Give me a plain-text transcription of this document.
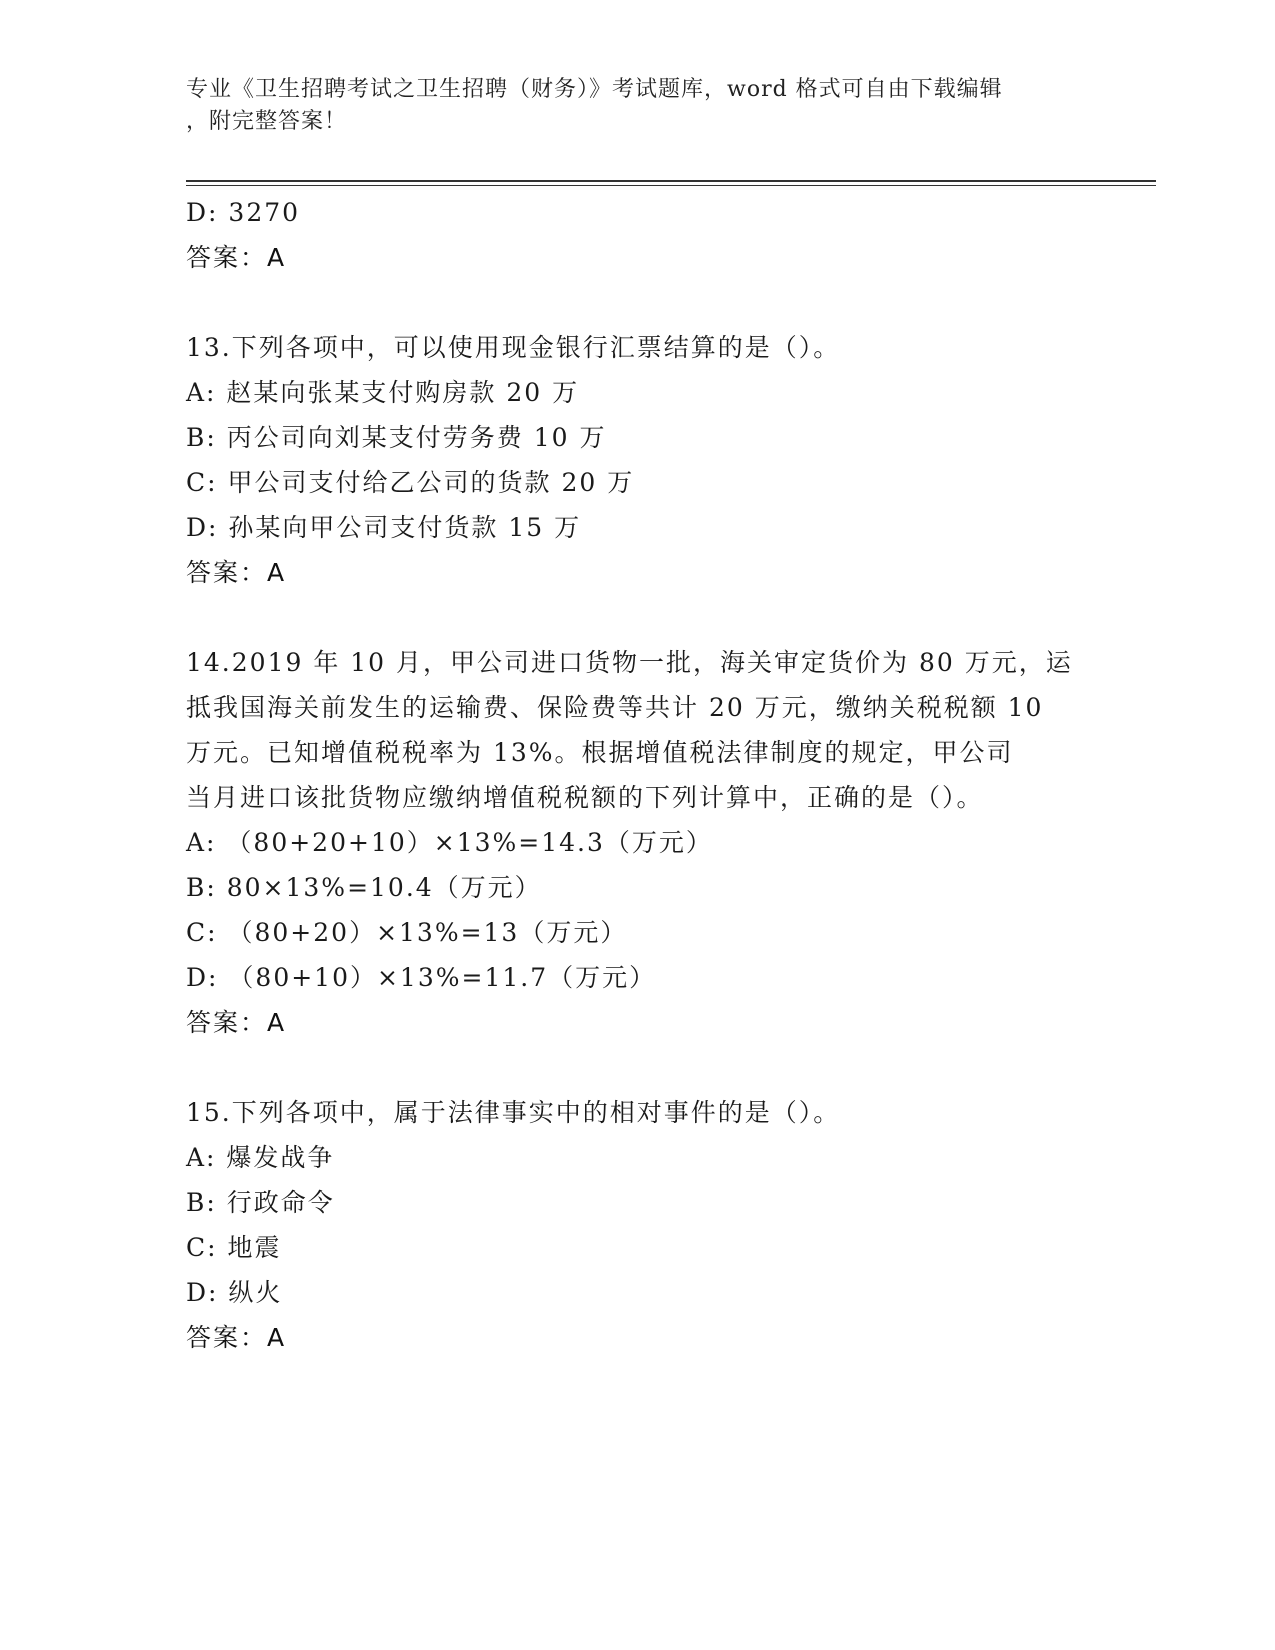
专业《卫生招聘考试之卫生招聘（财务）》考试题库，word 格式可自由下载编辑
，附完整答案！
D: 3270
答案：A
13.下列各项中，可以使用现金银行汇票结算的是（）。
A: 赵某向张某支付购房款 20 万
B: 丙公司向刘某支付劳务费 10 万
C: 甲公司支付给乙公司的货款 20 万
D: 孙某向甲公司支付货款 15 万
答案：A
14.2019 年 10 月，甲公司进口货物一批，海关审定货价为 80 万元，运
抵我国海关前发生的运输费、保险费等共计 20 万元，缴纳关税税额 10
万元。已知增值税税率为 13%。根据增值税法律制度的规定，甲公司
当月进口该批货物应缴纳增值税税额的下列计算中，正确的是（）。
A: （80+20+10）×13%=14.3（万元）
B: 80×13%=10.4（万元）
C: （80+20）×13%=13（万元）
D: （80+10）×13%=11.7（万元）
答案：A
15.下列各项中，属于法律事实中的相对事件的是（）。
A: 爆发战争
B: 行政命令
C: 地震
D: 纵火
答案：A
